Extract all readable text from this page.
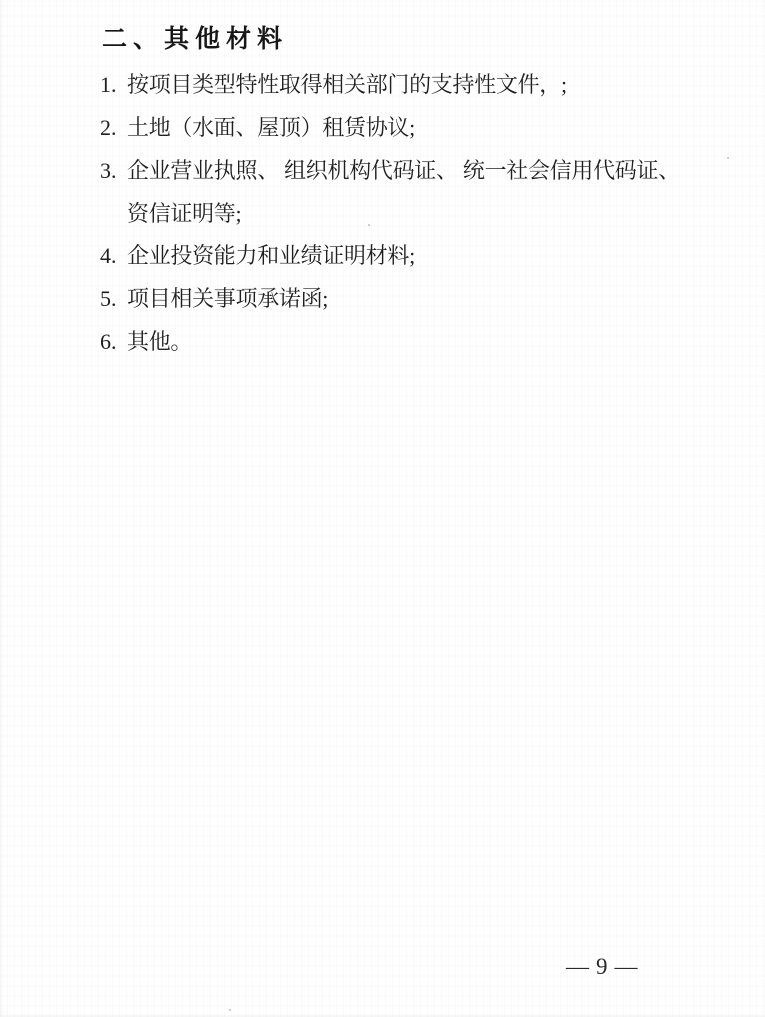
二、其他材料
1. 按项目类型特性取得相关部门的支持性文件，;
2. 土地（水面、屋顶）租赁协议;
3. 企业营业执照、 组织机构代码证、 统一社会信用代码证、
资信证明等;
4. 企业投资能力和业绩证明材料;
5. 项目相关事项承诺函;
6. 其他。
— 9 —
